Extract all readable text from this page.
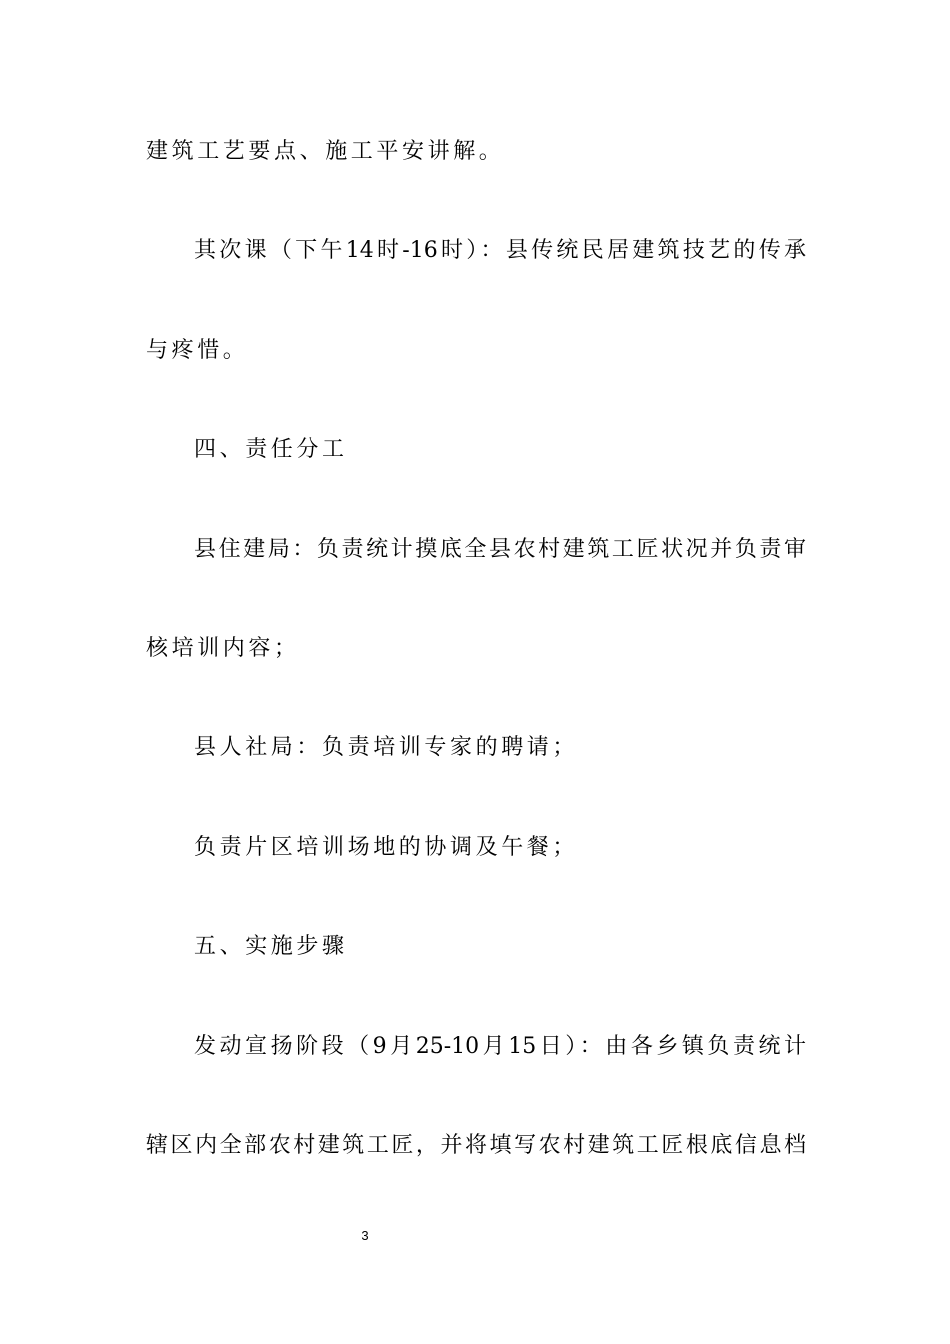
建筑工艺要点、施工平安讲解。
其次课（下午14时-16时）：县传统民居建筑技艺的传承
与疼惜。
四、责任分工
县住建局：负责统计摸底全县农村建筑工匠状况并负责审
核培训内容；
县人社局：负责培训专家的聘请；
负责片区培训场地的协调及午餐；
五、实施步骤
发动宣扬阶段（9月25-10月15日）：由各乡镇负责统计
辖区内全部农村建筑工匠，并将填写农村建筑工匠根底信息档
3
